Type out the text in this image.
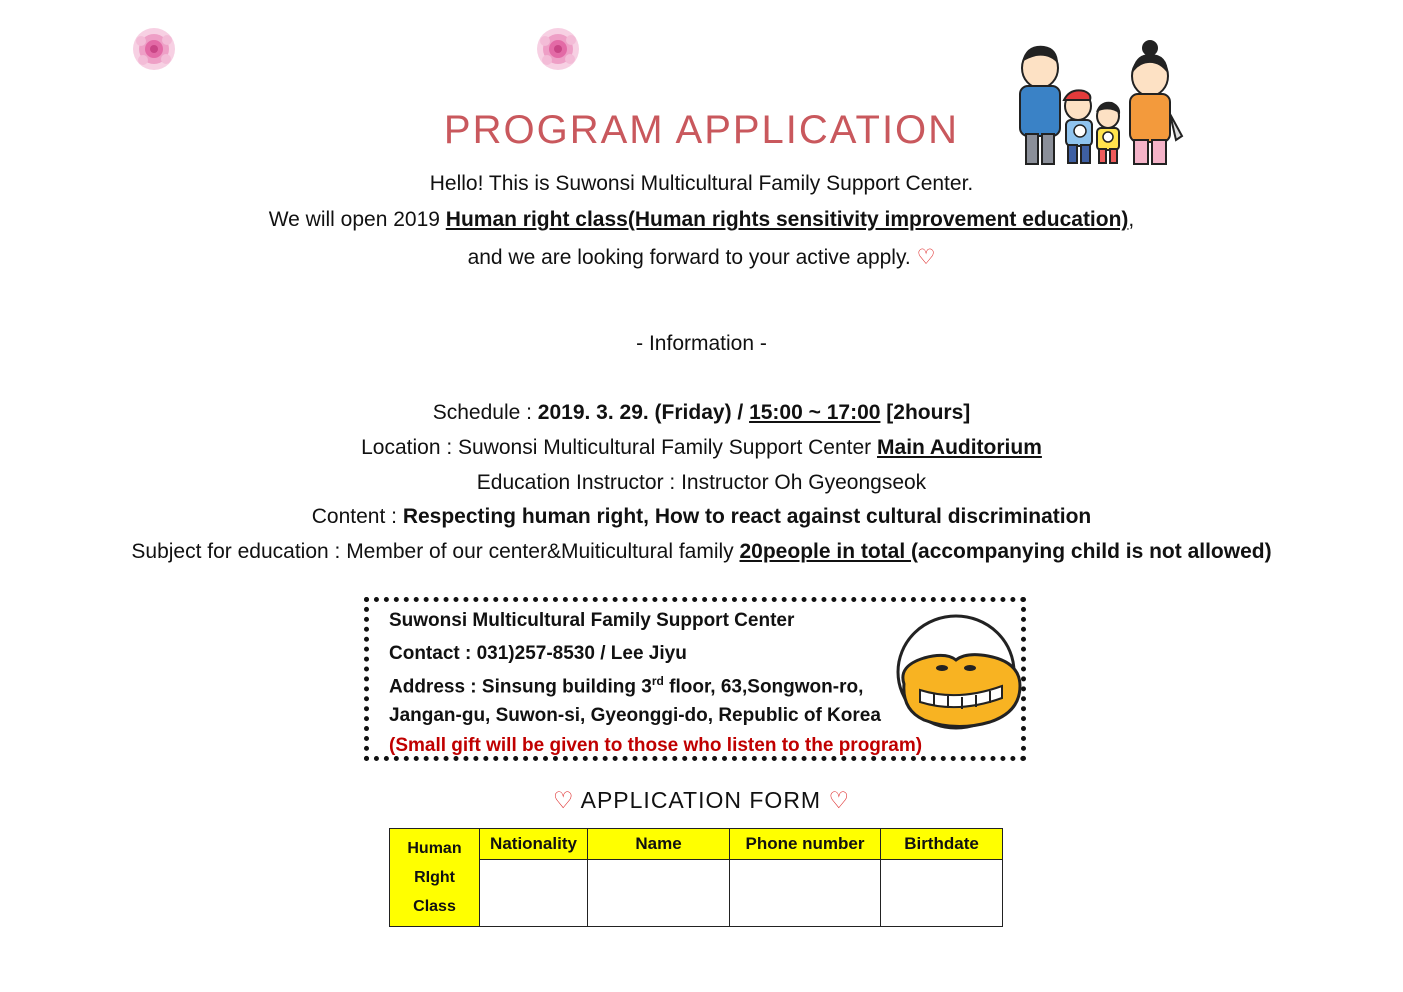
PROGRAM APPLICATION
Hello! This is Suwonsi Multicultural Family Support Center.
We will open 2019 Human right class(Human rights sensitivity improvement education),
and we are looking forward to your active apply. ♡
- Information -
Schedule : 2019. 3. 29. (Friday) / 15:00 ~ 17:00 [2hours]
Location : Suwonsi Multicultural Family Support Center Main Auditorium
Education Instructor : Instructor Oh Gyeongseok
Content : Respecting human right, How to react against cultural discrimination
Subject for education : Member of our center&Muiticultural family 20people in total (accompanying child is not allowed)
Suwonsi Multicultural Family Support Center
Contact : 031)257-8530 / Lee Jiyu
Address : Sinsung building 3rd floor, 63,Songwon-ro,
Jangan-gu, Suwon-si, Gyeonggi-do, Republic of Korea
(Small gift will be given to those who listen to the program)
♡ APPLICATION FORM ♡
Human
RIght
Class	Nationality	Name	Phone number	Birthdate
